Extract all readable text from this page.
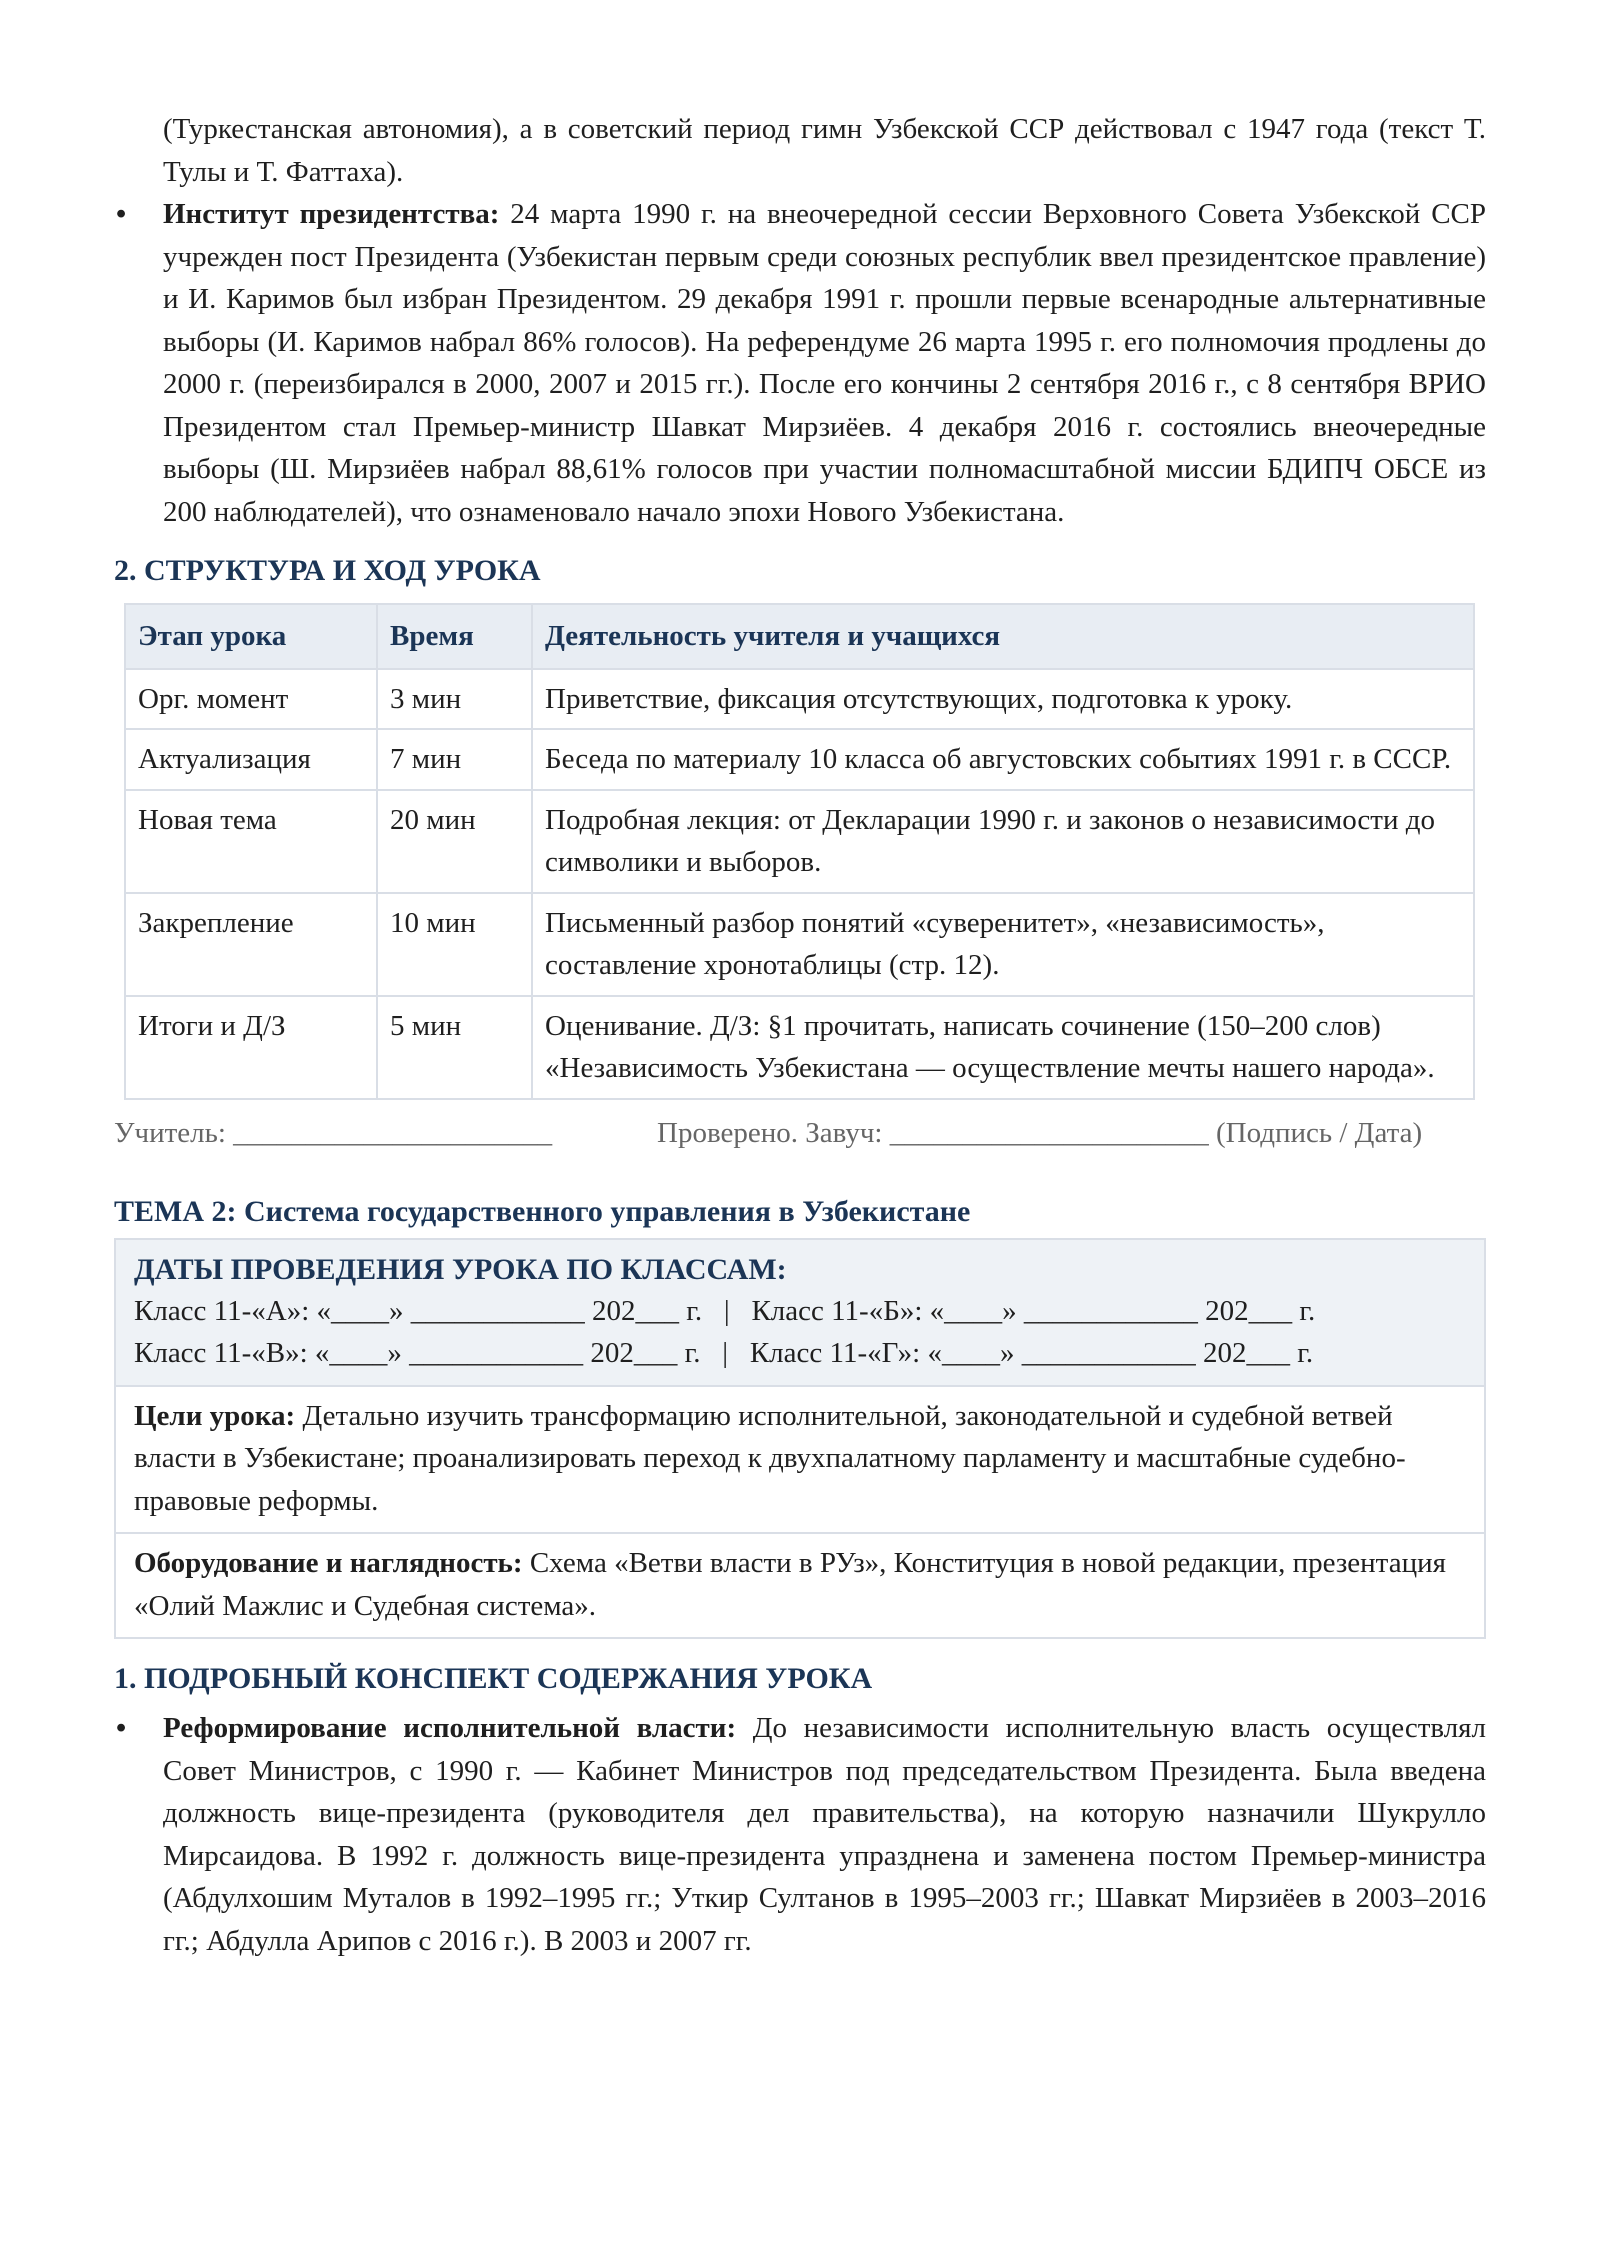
(Туркестанская автономия), а в советский период гимн Узбекской ССР действовал с 1947 года (текст Т. Тулы и Т. Фаттаха).
• Институт президентства: 24 марта 1990 г. на внеочередной сессии Верховного Совета Узбекской ССР учрежден пост Президента (Узбекистан первым среди союзных республик ввел президентское правление) и И. Каримов был избран Президентом. 29 декабря 1991 г. прошли первые всенародные альтернативные выборы (И. Каримов набрал 86% голосов). На референдуме 26 марта 1995 г. его полномочия продлены до 2000 г. (переизбирался в 2000, 2007 и 2015 гг.). После его кончины 2 сентября 2016 г., с 8 сентября ВРИО Президентом стал Премьер-министр Шавкат Мирзиёев. 4 декабря 2016 г. состоялись внеочередные выборы (Ш. Мирзиёев набрал 88,61% голосов при участии полномасштабной миссии БДИПЧ ОБСЕ из 200 наблюдателей), что ознаменовало начало эпохи Нового Узбекистана.
2. СТРУКТУРА И ХОД УРОКА
Этап урока	Время	Деятельность учителя и учащихся
Орг. момент	3 мин	Приветствие, фиксация отсутствующих, подготовка к уроку.
Актуализация	7 мин	Беседа по материалу 10 класса об августовских событиях 1991 г. в СССР.
Новая тема	20 мин	Подробная лекция: от Декларации 1990 г. и законов о независимости до символики и выборов.
Закрепление	10 мин	Письменный разбор понятий «суверенитет», «независимость», составление хронотаблицы (стр. 12).
Итоги и Д/З	5 мин	Оценивание. Д/З: §1 прочитать, написать сочинение (150–200 слов) «Независимость Узбекистана — осуществление мечты нашего народа».
Учитель: ______________________	Проверено. Завуч: ______________________ (Подпись / Дата)
ТЕМА 2: Система государственного управления в Узбекистане
ДАТЫ ПРОВЕДЕНИЯ УРОКА ПО КЛАССАМ:
Класс 11-«А»: «____» ____________ 202___ г.   |   Класс 11-«Б»: «____» ____________ 202___ г.
Класс 11-«В»: «____» ____________ 202___ г.   |   Класс 11-«Г»: «____» ____________ 202___ г.
Цели урока: Детально изучить трансформацию исполнительной, законодательной и судебной ветвей власти в Узбекистане; проанализировать переход к двухпалатному парламенту и масштабные судебно-правовые реформы.
Оборудование и наглядность: Схема «Ветви власти в РУз», Конституция в новой редакции, презентация «Олий Мажлис и Судебная система».
1. ПОДРОБНЫЙ КОНСПЕКТ СОДЕРЖАНИЯ УРОКА
• Реформирование исполнительной власти: До независимости исполнительную власть осуществлял Совет Министров, с 1990 г. — Кабинет Министров под председательством Президента. Была введена должность вице-президента (руководителя дел правительства), на которую назначили Шукрулло Мирсаидова. В 1992 г. должность вице-президента упразднена и заменена постом Премьер-министра (Абдулхошим Муталов в 1992–1995 гг.; Уткир Султанов в 1995–2003 гг.; Шавкат Мирзиёев в 2003–2016 гг.; Абдулла Арипов с 2016 г.). В 2003 и 2007 гг.
